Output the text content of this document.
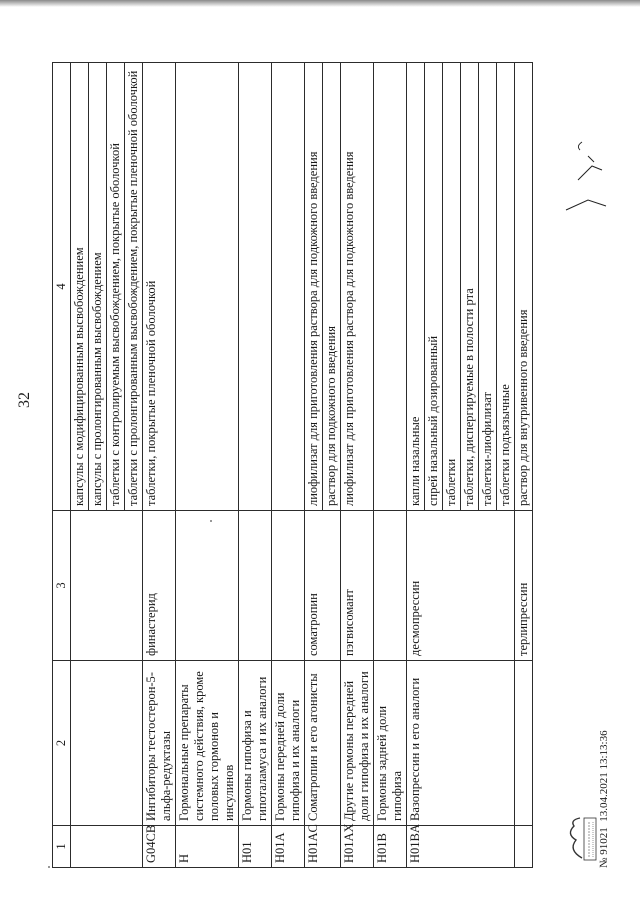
32
1	2	3	4
			капсулы с модифицированным высвобождением
			капсулы с пролонгированным высвобождением
			таблетки с контролируемым высвобождением, покрытые оболочкой
			таблетки с пролонгированным высвобождением, покрытые пленочной оболочкой
G04CB	Ингибиторы тестостерон-5-альфа-редуктазы	финастерид	таблетки, покрытые пленочной оболочкой
H	Гормональные препараты системного действия, кроме половых гормонов и инсулинов		
H01	Гормоны гипофиза и гипоталамуса и их аналоги		
H01A	Гормоны передней доли гипофиза и их аналоги		
H01AC	Соматропин и его агонисты	соматропин	лиофилизат для приготовления раствора для подкожного введения
			раствор для подкожного введения
H01AX	Другие гормоны передней доли гипофиза и их аналоги	пэгвисомант	лиофилизат для приготовления раствора для подкожного введения
H01B	Гормоны задней доли гипофиза		
H01BA	Вазопрессин и его аналоги	десмопрессин	капли назальные
			спрей назальный дозированный
			таблетки
			таблетки, диспергируемые в полости рта
			таблетки-лиофилизат
			таблетки подъязычные
		терлипрессин	раствор для внутривенного введения
№ 91021  13.04.2021 13:13:36
